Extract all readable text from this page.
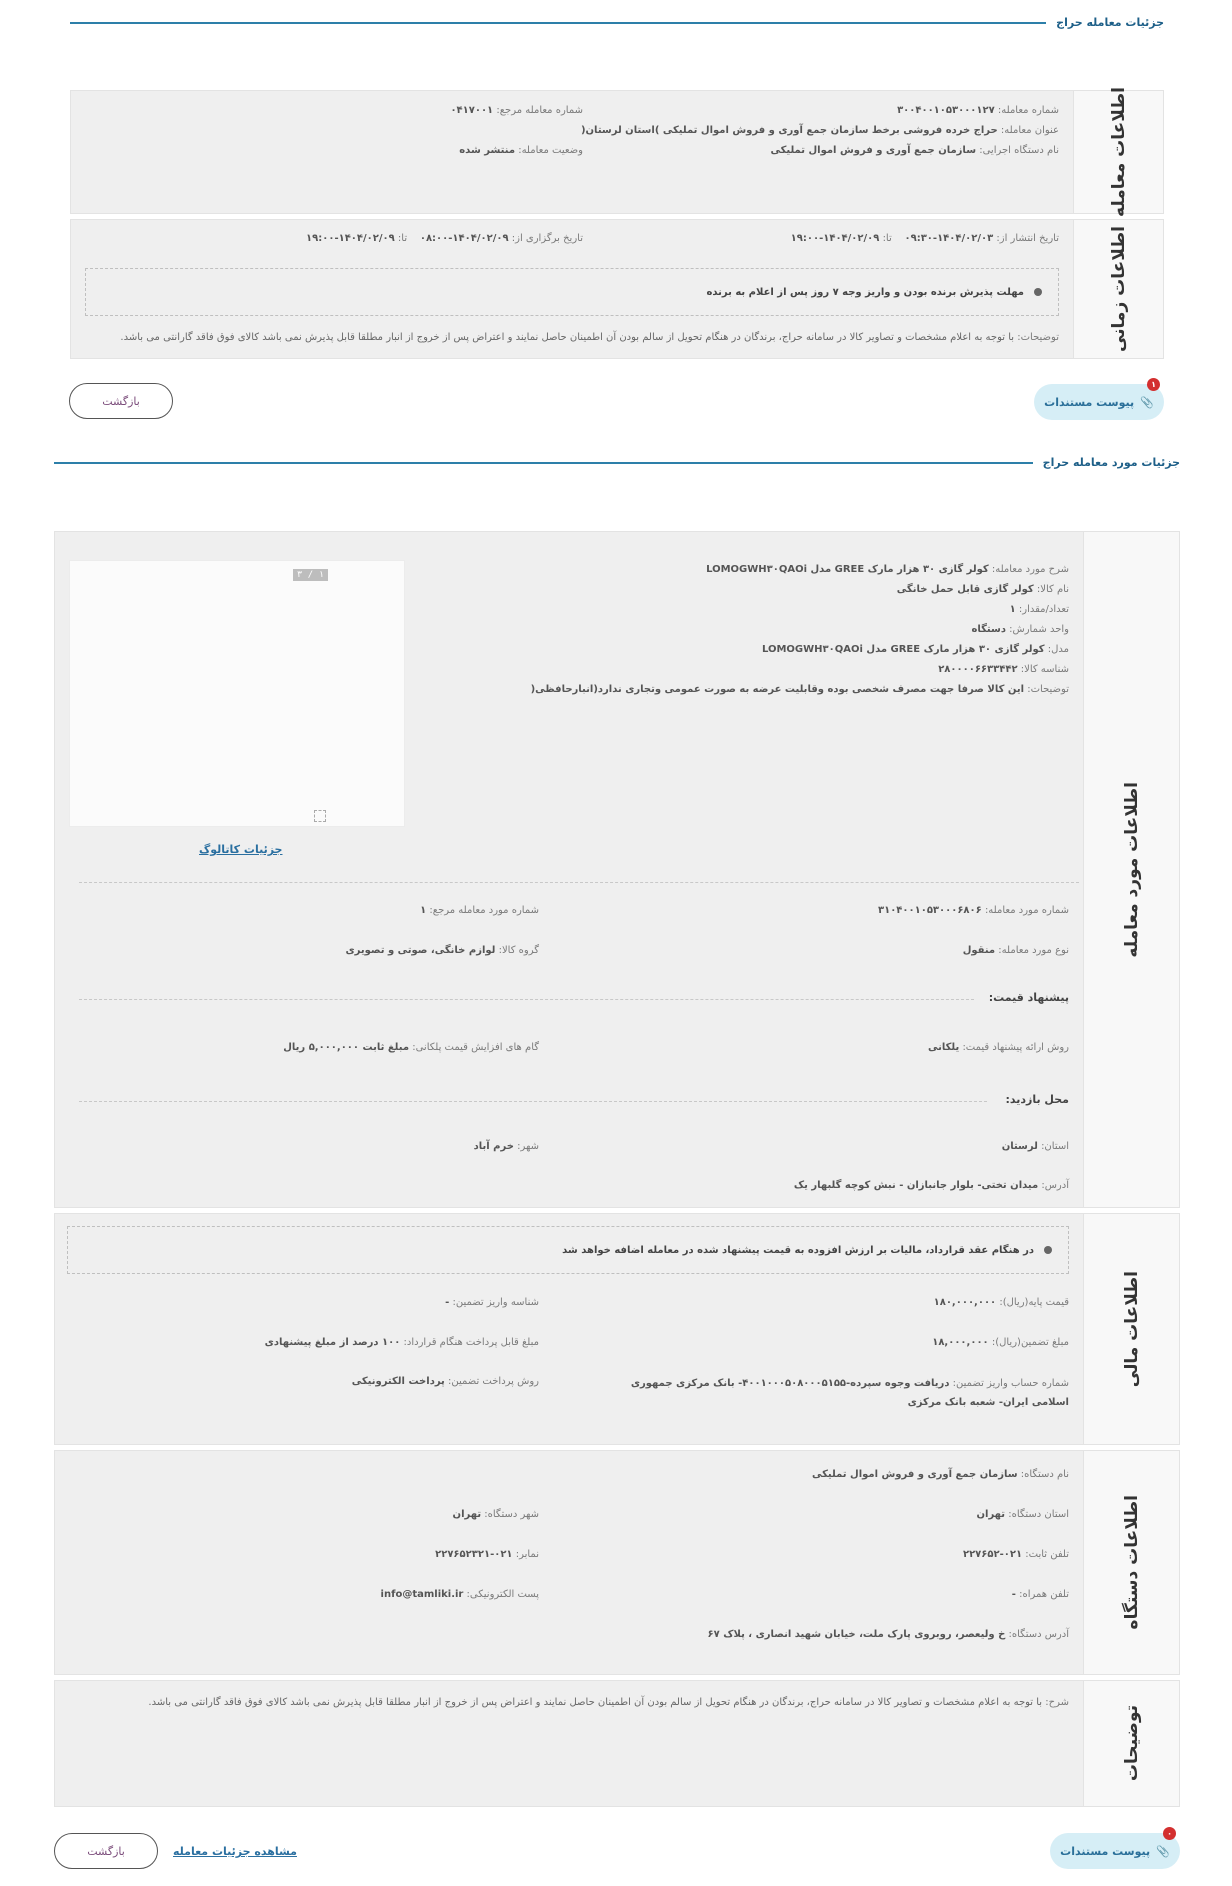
جزئیات معامله حراج
اطلاعات معامله
شماره معامله: ۳۰۰۴۰۰۱۰۵۳۰۰۰۱۲۷
شماره معامله مرجع: ۰۴۱۷۰۰۱
عنوان معامله: حراج خرده فروشی برخط سازمان جمع آوری و فروش اموال تملیکی )استان لرستان(
نام دستگاه اجرایی: سازمان جمع آوری و فروش اموال تملیکی
وضعیت معامله: منتشر شده
اطلاعات زمانی
تاریخ انتشار از: ۱۴۰۴/۰۲/۰۳-۰۹:۳۰    تا: ۱۴۰۴/۰۲/۰۹-۱۹:۰۰
تاریخ برگزاری از: ۱۴۰۴/۰۲/۰۹-۰۸:۰۰    تا: ۱۴۰۴/۰۲/۰۹-۱۹:۰۰
مهلت پذیرش برنده بودن و واریز وجه ۷ روز پس از اعلام به برنده
توضیحات: با توجه به اعلام مشخصات و تصاویر کالا در سامانه حراج، برندگان در هنگام تحویل از سالم بودن آن اطمینان حاصل نمایند و اعتراض پس از خروج از انبار مطلقا قابل پذیرش نمی باشد کالای فوق فاقد گارانتی می باشد.
📎
پیوست مستندات
۱
بازگشت
جزئیات مورد معامله حراج
اطلاعات مورد معامله
شرح مورد معامله: کولر گازی ۳۰ هزار مارک GREE مدل LOMOGWH۳۰QAOi
نام کالا: کولر گازی قابل حمل خانگی
تعداد/مقدار: ۱
واحد شمارش: دستگاه
مدل: کولر گازی ۳۰ هزار مارک GREE مدل LOMOGWH۳۰QAOi
شناسه کالا: ۲۸۰۰۰۰۶۶۳۳۴۴۲
توضیحات: این کالا صرفا جهت مصرف شخصی بوده وقابلیت عرضه به صورت عمومی وتجاری ندارد(انبارحافظی(
۱ / ۳
جزئیات کاتالوگ
شماره مورد معامله: ۳۱۰۴۰۰۱۰۵۳۰۰۰۶۸۰۶
شماره مورد معامله مرجع: ۱
نوع مورد معامله: منقول
گروه کالا: لوازم خانگی، صوتی و تصویری
پیشنهاد قیمت:
روش ارائه پیشنهاد قیمت: یلکانی
گام های افزایش قیمت پلکانی: مبلغ ثابت ۵,۰۰۰,۰۰۰ ریال
محل بازدید:
استان: لرستان
شهر: خرم آباد
آدرس: میدان تختی- بلوار جانبازان - نبش کوچه گلبهار یک
اطلاعات مالی
در هنگام عقد قرارداد، مالیات بر ارزش افزوده به قیمت پیشنهاد شده در معامله اضافه خواهد شد
قیمت پایه(ریال): ۱۸۰,۰۰۰,۰۰۰
شناسه واریز تضمین: -
مبلغ تضمین(ریال): ۱۸,۰۰۰,۰۰۰
مبلغ قابل پرداخت هنگام قرارداد: ۱۰۰ درصد از مبلغ پیشنهادی
شماره حساب واریز تضمین: دریافت وجوه سپرده-۴۰۰۱۰۰۰۵۰۸۰۰۰۵۱۵۵- بانک مرکزی جمهوری اسلامی ایران- شعبه بانک مرکزی
روش پرداخت تضمین: پرداخت الکترونیکی
اطلاعات دستگاه
نام دستگاه: سازمان جمع آوری و فروش اموال تملیکی
استان دستگاه: تهران
شهر دستگاه: تهران
تلفن ثابت: ۰۲۱-۲۲۷۶۵۲
نمابر: ۰۲۱-۲۲۷۶۵۲۳۲۱
تلفن همراه: -
پست الکترونیکی: info@tamliki.ir
آدرس دستگاه: خ ولیعصر، روبروی پارک ملت، خیابان شهید انصاری ، پلاک ۶۷
توضیحات
شرح: با توجه به اعلام مشخصات و تصاویر کالا در سامانه حراج، برندگان در هنگام تحویل از سالم بودن آن اطمینان حاصل نمایند و اعتراض پس از خروج از انبار مطلقا قابل پذیرش نمی باشد کالای فوق فاقد گارانتی می باشد.
📎
پیوست مستندات
۰
مشاهده جزئیات معامله
بازگشت
